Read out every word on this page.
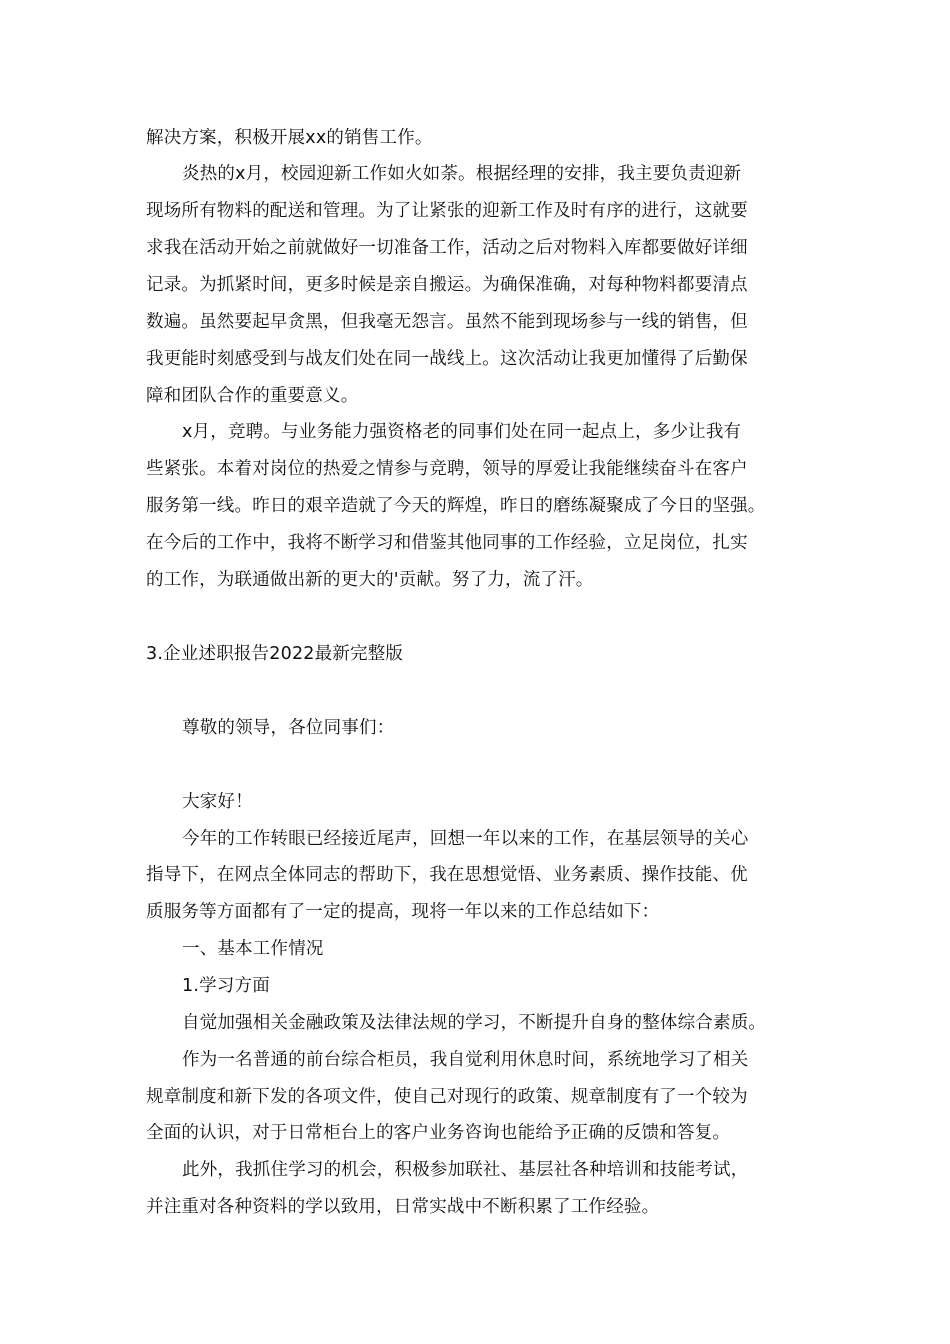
解决方案，积极开展xx的销售工作。
炎热的x月，校园迎新工作如火如荼。根据经理的安排，我主要负责迎新
现场所有物料的配送和管理。为了让紧张的迎新工作及时有序的进行，这就要
求我在活动开始之前就做好一切准备工作，活动之后对物料入库都要做好详细
记录。为抓紧时间，更多时候是亲自搬运。为确保准确，对每种物料都要清点
数遍。虽然要起早贪黑，但我毫无怨言。虽然不能到现场参与一线的销售，但
我更能时刻感受到与战友们处在同一战线上。这次活动让我更加懂得了后勤保
障和团队合作的重要意义。
x月，竞聘。与业务能力强资格老的同事们处在同一起点上，多少让我有
些紧张。本着对岗位的热爱之情参与竞聘，领导的厚爱让我能继续奋斗在客户
服务第一线。昨日的艰辛造就了今天的辉煌，昨日的磨练凝聚成了今日的坚强。
在今后的工作中，我将不断学习和借鉴其他同事的工作经验，立足岗位，扎实
的工作，为联通做出新的更大的'贡献。努了力，流了汗。
3.企业述职报告2022最新完整版
尊敬的领导，各位同事们：
大家好！
今年的工作转眼已经接近尾声，回想一年以来的工作，在基层领导的关心
指导下，在网点全体同志的帮助下，我在思想觉悟、业务素质、操作技能、优
质服务等方面都有了一定的提高，现将一年以来的工作总结如下：
一、基本工作情况
1.学习方面
自觉加强相关金融政策及法律法规的学习，不断提升自身的整体综合素质。
作为一名普通的前台综合柜员，我自觉利用休息时间，系统地学习了相关
规章制度和新下发的各项文件，使自己对现行的政策、规章制度有了一个较为
全面的认识，对于日常柜台上的客户业务咨询也能给予正确的反馈和答复。
此外，我抓住学习的机会，积极参加联社、基层社各种培训和技能考试，
并注重对各种资料的学以致用，日常实战中不断积累了工作经验。
